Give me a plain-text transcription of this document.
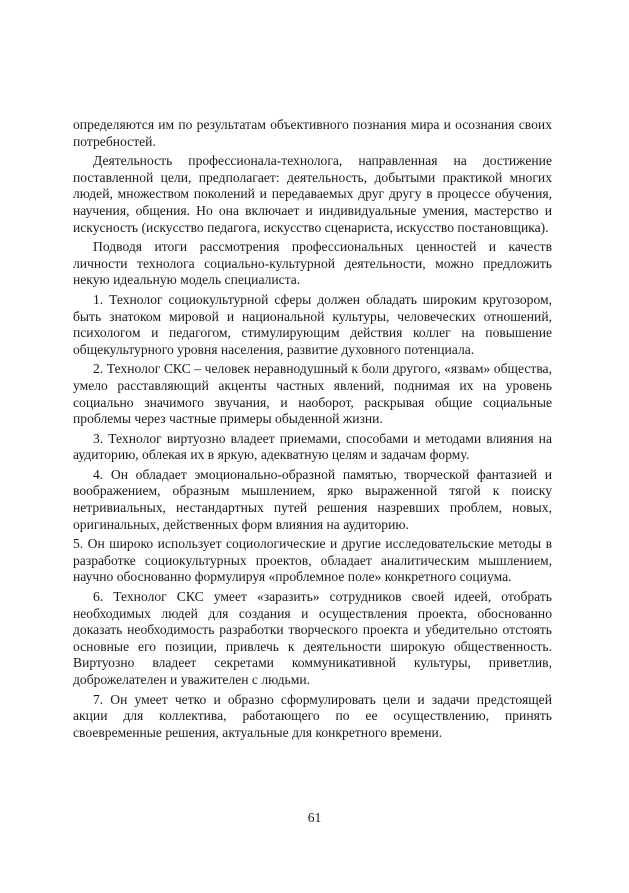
определяются им по результатам объективного познания мира и осознания своих потребностей.

Деятельность профессионала-технолога, направленная на достижение поставленной цели, предполагает: деятельность, добытыми практикой многих людей, множеством поколений и передаваемых друг другу в процессе обучения, научения, общения. Но она включает и индивидуальные умения, мастерство и искусность (искусство педагога, искусство сценариста, искусство постановщика).

Подводя итоги рассмотрения профессиональных ценностей и качеств личности технолога социально-культурной деятельности, можно предложить некую идеальную модель специалиста.

1. Технолог социокультурной сферы должен обладать широким кругозором, быть знатоком мировой и национальной культуры, человеческих отношений, психологом и педагогом, стимулирующим действия коллег на повышение общекультурного уровня населения, развитие духовного потенциала.

2. Технолог СКС – человек неравнодушный к боли другого, «язвам» общества, умело расставляющий акценты частных явлений, поднимая их на уровень социально значимого звучания, и наоборот, раскрывая общие социальные проблемы через частные примеры обыденной жизни.

3. Технолог виртуозно владеет приемами, способами и методами влияния на аудиторию, облекая их в яркую, адекватную целям и задачам форму.

4. Он обладает эмоционально-образной памятью, творческой фантазией и воображением, образным мышлением, ярко выраженной тягой к поиску нетривиальных, нестандартных путей решения назревших проблем, новых, оригинальных, действенных форм влияния на аудиторию.

5. Он широко использует социологические и другие исследовательские методы в разработке социокультурных проектов, обладает аналитическим мышлением, научно обоснованно формулируя «проблемное поле» конкретного социума.

6. Технолог СКС умеет «заразить» сотрудников своей идеей, отобрать необходимых людей для создания и осуществления проекта, обоснованно доказать необходимость разработки творческого проекта и убедительно отстоять основные его позиции, привлечь к деятельности широкую общественность. Виртуозно владеет секретами коммуникативной культуры, приветлив, доброжелателен и уважителен с людьми.

7. Он умеет четко и образно сформулировать цели и задачи предстоящей акции для коллектива, работающего по ее осуществлению, принять своевременные решения, актуальные для конкретного времени.

61
